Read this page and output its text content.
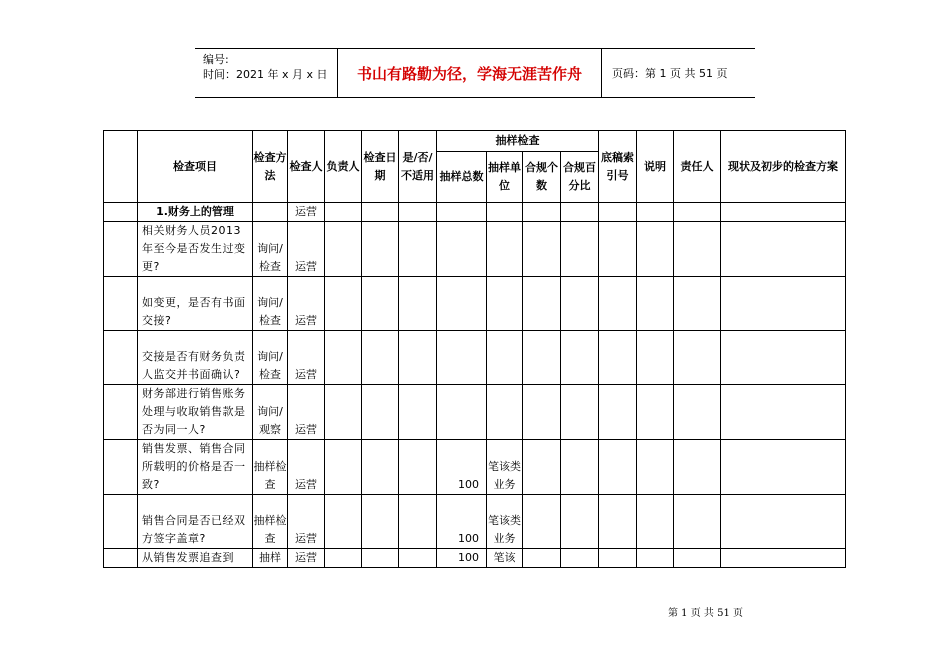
编号:
时间：2021 年 x 月 x 日	书山有路勤为径，学海无涯苦作舟	页码：第 1 页 共 51 页
	检查项目	检查方法	检查人	负责人	检查日期	是/否/不适用	抽样检查				底稿索引号	说明	责任人	现状及初步的检查方案
							抽样总数	抽样单位	合规个数	合规百分比				
	1.财务上的管理		运营											
	相关财务人员2013年至今是否发生过变更?	询问/检查	运营											
	如变更，是否有书面交接?	询问/检查	运营											
	交接是否有财务负责人监交并书面确认?	询问/检查	运营											
	财务部进行销售账务处理与收取销售款是否为同一人?	询问/观察	运营											
	销售发票、销售合同所载明的价格是否一致?	抽样检查	运营				100	笔该类业务						
	销售合同是否已经双方签字盖章?	抽样检查	运营				100	笔该类业务						
	从销售发票追查到	抽样	运营				100	笔该						
第 1 页 共 51 页
